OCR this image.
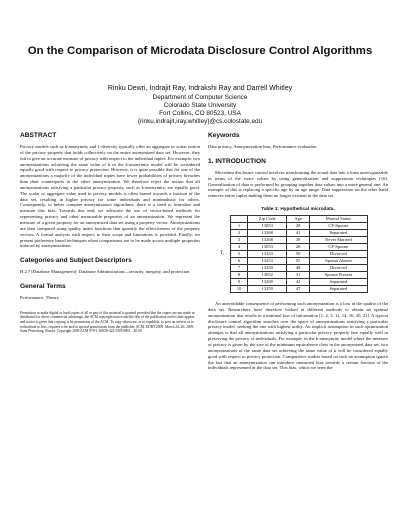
On the Comparison of Microdata Disclosure Control Algorithms
Rinku Dewri, Indrajit Ray, Indrakshi Ray and Darrell Whitley
Department of Computer Science
Colorado State University
Fort Collins, CO 80523, USA
{rinku,indrajit,iray,whitley}@cs.colostate.edu
ABSTRACT

Privacy models such as k-anonymity and ℓ-diversity typically offer an aggregate or scalar notion of the privacy property that holds collectively on the entire anonymized data set. However, they fail to give an accurate measure of privacy with respect to the individual tuples. For example, two anonymizations achieving the same value of k in the k-anonymity model will be considered equally good with respect to privacy protection. However, it is quite possible that for one of the anonymizations a majority of the individual tuples have lower probabilities of privacy breaches than their counterparts in the other anonymization. We therefore reject the notion that all anonymizations satisfying a particular privacy property, such as k-anonymity, are equally good. The scalar or aggregate value used in privacy models is often biased towards a fraction of the data set, resulting in higher privacy for some individuals and minimalistic for others. Consequently, to better compare anonymization algorithms, there is a need to formalize and measure this bias. Towards this end, we advocate the use of vector-based methods for representing privacy and other measurable properties of an anonymization. We represent the measure of a given property for an anonymized data set using a property vector. Anonymizations are then compared using quality index functions that quantify the effectiveness of the property vectors. A formal analysis with respect to their scope and limitations is provided. Finally, we present preference based techniques when comparisons are to be made across multiple properties induced by anonymizations.

Categories and Subject Descriptors

H.2.7 [Database Management]: Database Administration—security, integrity, and protection

General Terms

Performance, Theory

Permission to make digital or hard copies of all or part of this material is granted provided that the copies are not made or distributed for direct commercial advantage, the ACM copyright notice and the title of the publication and its date appear, and notice is given that copying is by permission of the ACM. To copy otherwise, or to republish, to post on servers or to redistribute to lists, requires a fee and/or special permissions from the publisher, ACM. EDBT 2009, March 24–26, 2009, Saint Petersburg, Russia. Copyright 2009 ACM 978-1-60558-422-5/09/0003 ...$5.00

Keywords

Data privacy, Anonymization bias, Performance evaluation

1. INTRODUCTION

Microdata disclosure control involves transforming the actual data into a form unrecognizable in terms of the exact values by using generalization and suppression techniques [16]. Generalization of data is performed by grouping together data values into a more general one. An example of this is replacing a specific age by an age range. Data suppression on the other hand removes entire tuples making them no longer existent in the data set.

Table 1: Hypothetical microdata.
T₁
	Zip Code	Age	Marital Status
1	13053	28	CF-Spouse
2	13268	41	Separated
3	13268	39	Never Married
4	13053	26	CF-Spouse
5	13253	50	Divorced
6	13253	55	Spouse Absent
7	13250	49	Divorced
8	13052	31	Spouse Present
9	13269	42	Separated
10	13250	47	Separated

An unavoidable consequence of performing such anonymization is a loss in the quality of the data set. Researchers have therefore looked at different methods to obtain an optimal anonymization that results in a minimal loss of information [1, 2, 3, 11, 14, 16, 20, 21]. A typical disclosure control algorithm searches over the space of anonymizations satisfying a particular privacy model, seeking the one with highest utility. An implicit assumption in such optimization attempts is that all anonymizations satisfying a particular privacy property fare equally well in preserving the privacy of individuals. For example, in the k-anonymity model where the measure of privacy is given by the size of the minimum equivalence class in the anonymized data set, two anonymizations of the same data set achieving the same value of k will be considered equally good with respect to privacy protection. Comparative studies based on such an assumption ignore the fact that an anonymization can introduce unwanted bias towards a certain fraction of the individuals represented in the data set. This bias, which we term the
